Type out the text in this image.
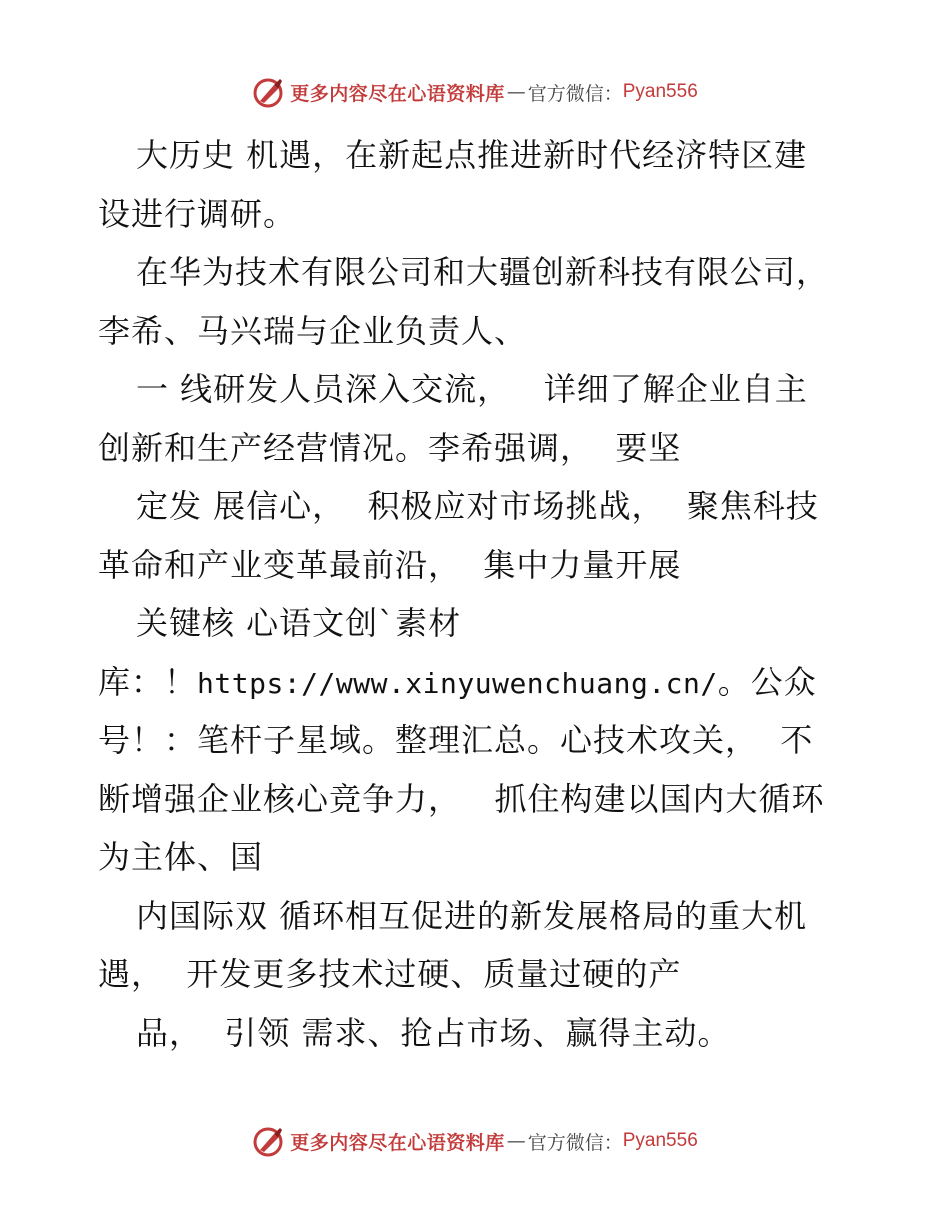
更多内容尽在心语资料库 — 官方微信： Pyan556
大历史 机遇，在新起点推进新时代经济特区建
设进行调研。
在华为技术有限公司和大疆创新科技有限公司，
李希、马兴瑞与企业负责人、
一 线研发人员深入交流，   详细了解企业自主
创新和生产经营情况。李希强调，  要坚
定发 展信心，  积极应对市场挑战，  聚焦科技
革命和产业变革最前沿，  集中力量开展
关键核 心语文创`素材
库：！https://www.xinyuwenchuang.cn/。公众
号！：笔杆子星域。整理汇总。心技术攻关，  不
断增强企业核心竞争力，   抓住构建以国内大循环
为主体、国
内国际双 循环相互促进的新发展格局的重大机
遇，  开发更多技术过硬、质量过硬的产
品，  引领 需求、抢占市场、赢得主动。
更多内容尽在心语资料库 — 官方微信： Pyan556
